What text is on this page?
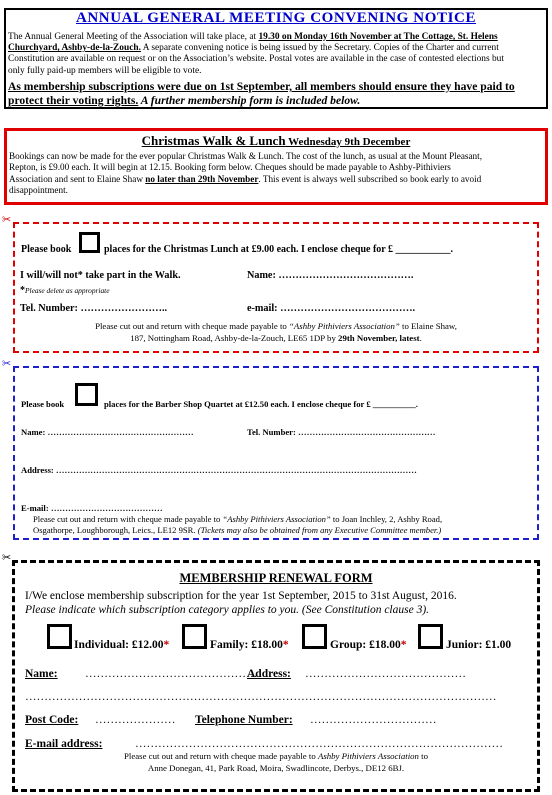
ANNUAL GENERAL MEETING CONVENING NOTICE
The Annual General Meeting of the Association will take place, at 19.30 on Monday 16th November at The Cottage, St. Helens
Churchyard, Ashby-de-la-Zouch. A separate convening notice is being issued by the Secretary. Copies of the Charter and current
Constitution are available on request or on the Association’s website. Postal votes are available in the case of contested elections but
only fully paid-up members will be eligible to vote.
As membership subscriptions were due on 1st September, all members should ensure they have paid to
protect their voting rights. A further membership form is included below.
Christmas Walk & Lunch Wednesday 9th December
Bookings can now be made for the ever popular Christmas Walk & Lunch. The cost of the lunch, as usual at the Mount Pleasant,
Repton, is £9.00 each. It will begin at 12.15. Booking form below. Cheques should be made payable to Ashby-Pithiviers
Association and sent to Elaine Shaw no later than 29th November. This event is always well subscribed so book early to avoid
disappointment.
✂
Please book	places for the Christmas Lunch at £9.00 each. I enclose cheque for £ ___________.
I will/will not* take part in the Walk.	Name: ………………………………….
*Please delete as appropriate
Tel. Number: ……………………..	e-mail: ………………………………….
Please cut out and return with cheque made payable to “Ashby Pithiviers Association” to Elaine Shaw,
187, Nottingham Road, Ashby-de-la-Zouch, LE65 1DP by 29th November, latest.
✂
Please book	places for the Barber Shop Quartet at £12.50 each. I enclose cheque for £ __________.
Name: ……………………………………………	Tel. Number: …………………………………………
Address: ………………………………………………………………………………………………………………
E-mail: …………………………………
Please cut out and return with cheque made payable to “Ashby Pithiviers Association” to Joan Inchley, 2, Ashby Road,
Osgathorpe, Loughborough, Leics., LE12 9SR. (Tickets may also be obtained from any Executive Committee member.)
✂
MEMBERSHIP RENEWAL FORM
I/We enclose membership subscription for the year 1st September, 2015 to 31st August, 2016.
Please indicate which subscription category applies to you. (See Constitution clause 3).
Individual: £12.00*	Family: £18.00*	Group: £18.00*	Junior: £1.00
Name: ………………………………………
Address: ……………………………………
……………………………………………………………………………………………………………
Post Code: ………………… Telephone Number: ……………………………
E-mail address:	……………………………………………………………………………………
Please cut out and return with cheque made payable to Ashby Pithiviers Association to
Anne Donegan, 41, Park Road, Moira, Swadlincote, Derbys., DE12 6BJ.
